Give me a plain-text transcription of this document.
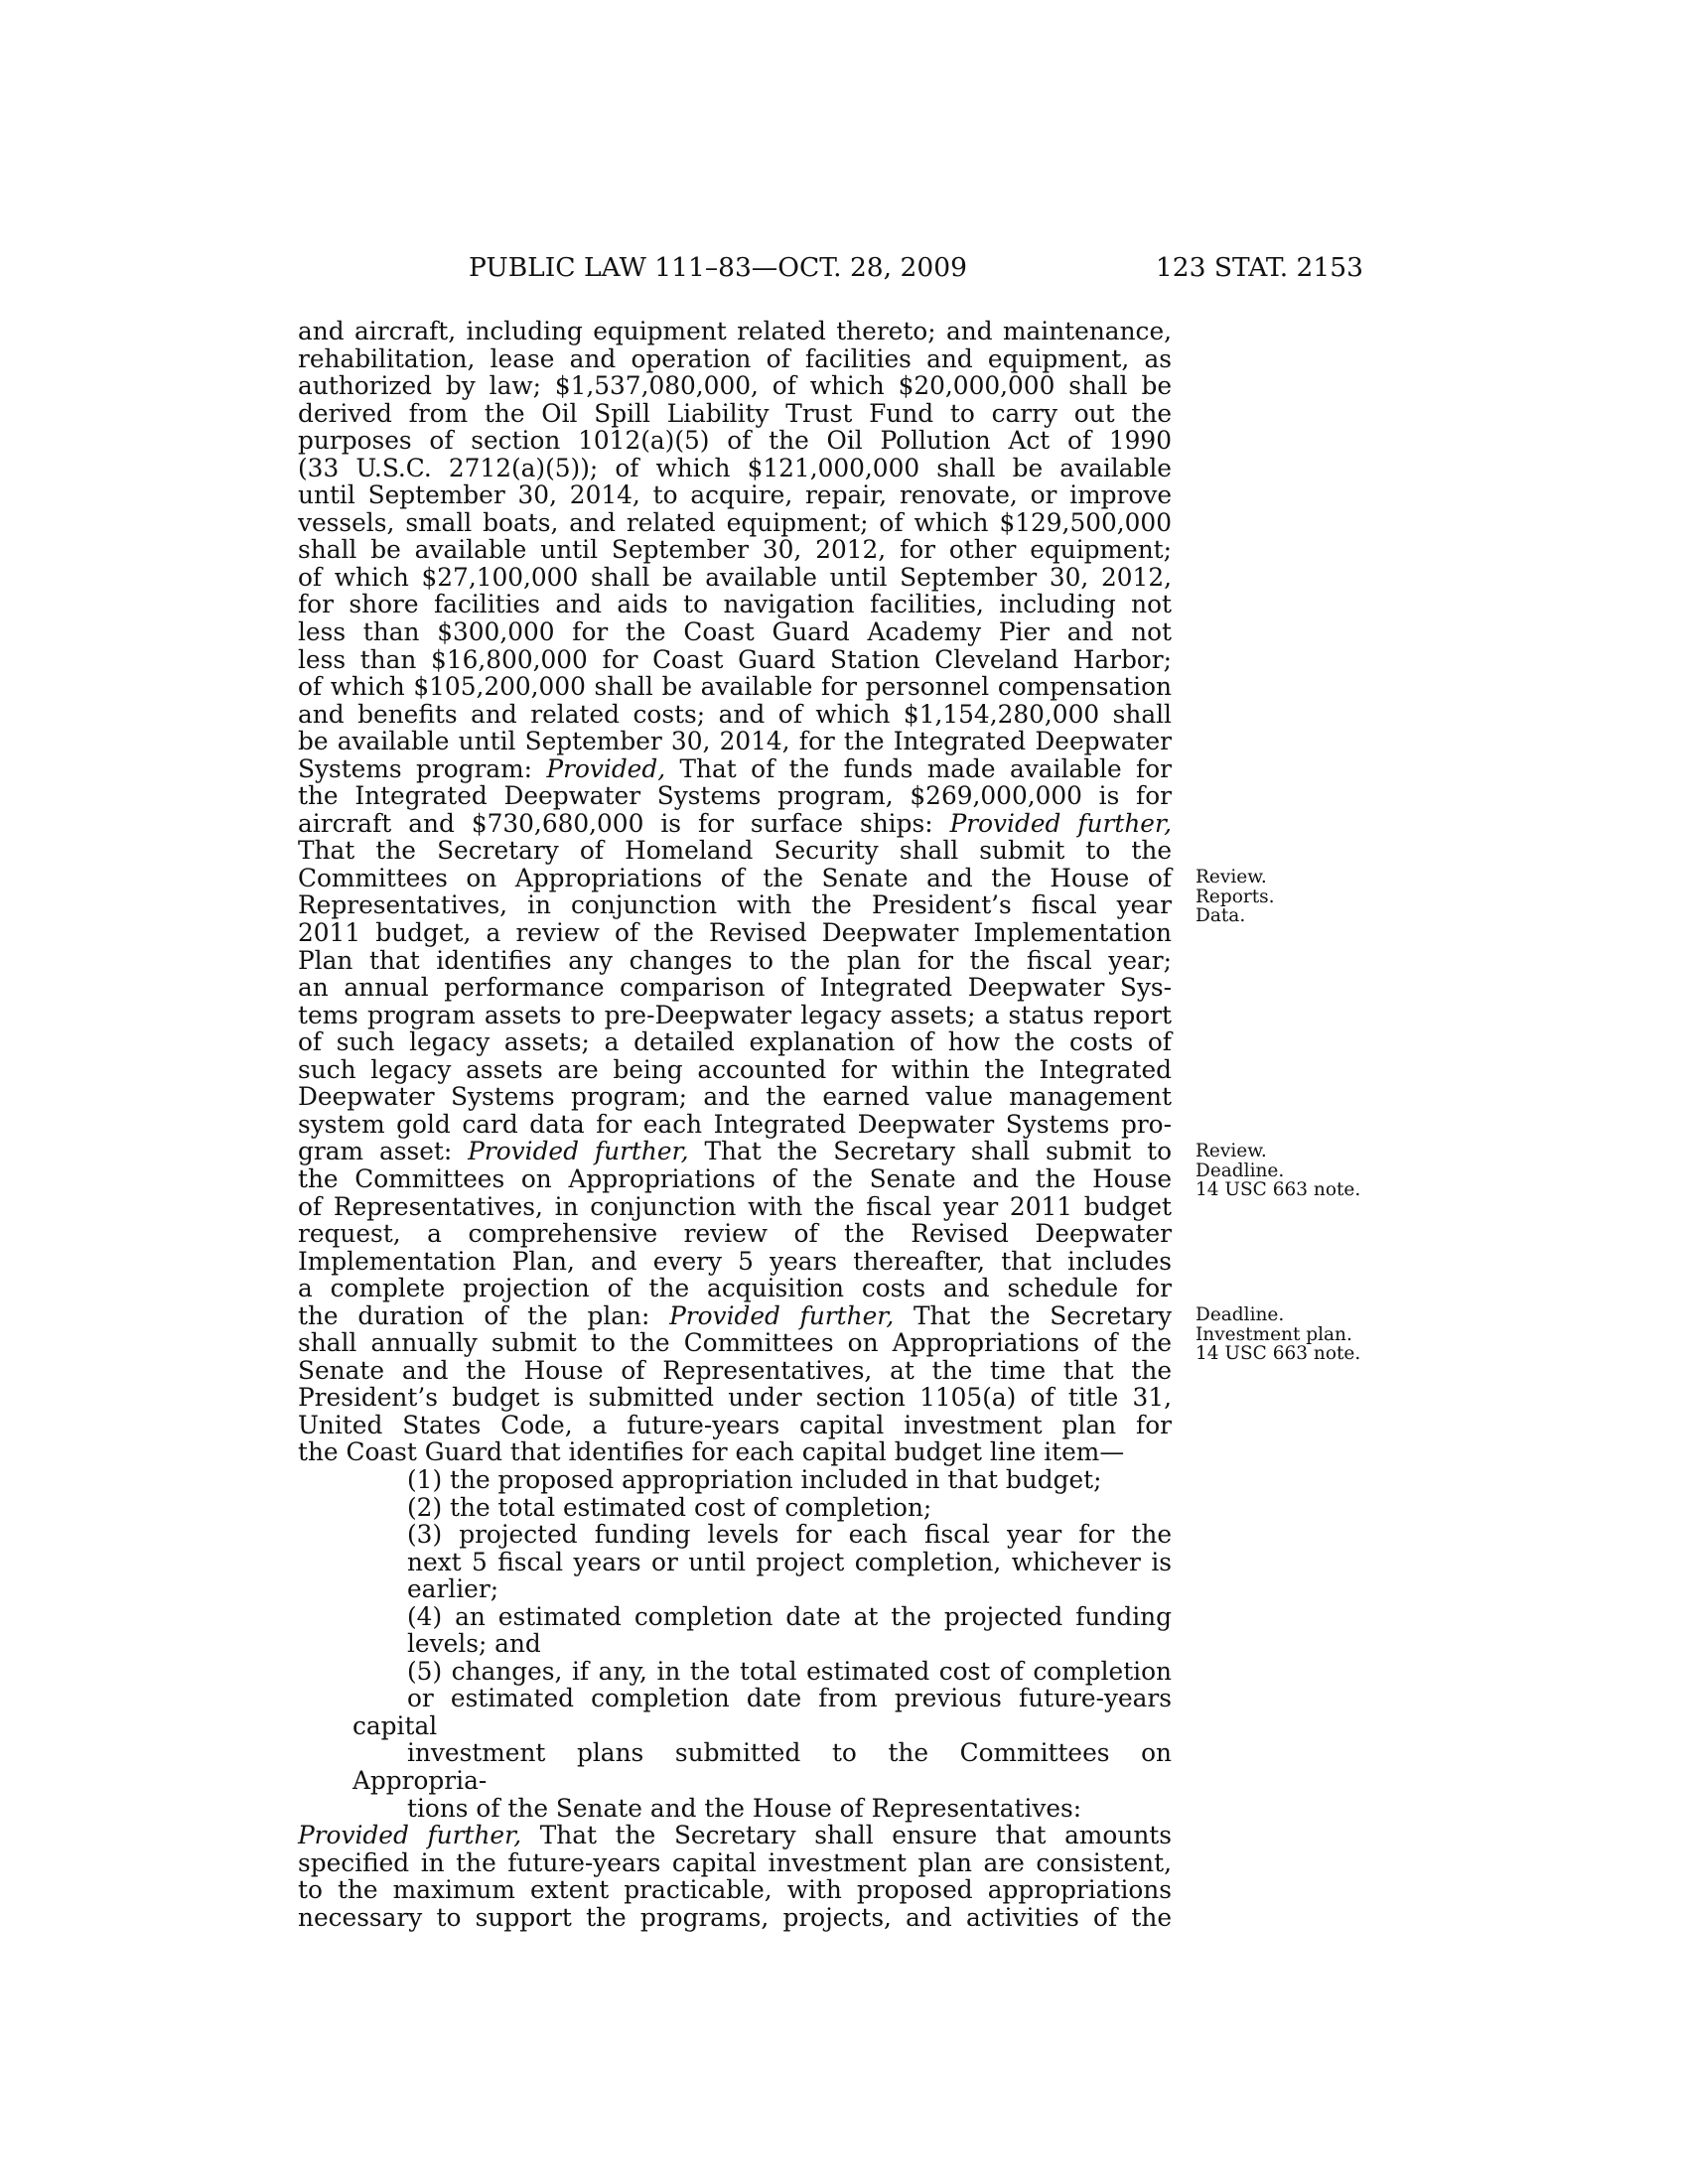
PUBLIC LAW 111–83—OCT. 28, 2009	123 STAT. 2153
and aircraft, including equipment related thereto; and maintenance,
rehabilitation, lease and operation of facilities and equipment, as
authorized by law; $1,537,080,000, of which $20,000,000 shall be
derived from the Oil Spill Liability Trust Fund to carry out the
purposes of section 1012(a)(5) of the Oil Pollution Act of 1990
(33 U.S.C. 2712(a)(5)); of which $121,000,000 shall be available
until September 30, 2014, to acquire, repair, renovate, or improve
vessels, small boats, and related equipment; of which $129,500,000
shall be available until September 30, 2012, for other equipment;
of which $27,100,000 shall be available until September 30, 2012,
for shore facilities and aids to navigation facilities, including not
less than $300,000 for the Coast Guard Academy Pier and not
less than $16,800,000 for Coast Guard Station Cleveland Harbor;
of which $105,200,000 shall be available for personnel compensation
and benefits and related costs; and of which $1,154,280,000 shall
be available until September 30, 2014, for the Integrated Deepwater
Systems program: Provided, That of the funds made available for
the Integrated Deepwater Systems program, $269,000,000 is for
aircraft and $730,680,000 is for surface ships: Provided further,
That the Secretary of Homeland Security shall submit to the
Committees on Appropriations of the Senate and the House of
Representatives, in conjunction with the President’s fiscal year
2011 budget, a review of the Revised Deepwater Implementation
Plan that identifies any changes to the plan for the fiscal year;
an annual performance comparison of Integrated Deepwater Sys-
tems program assets to pre-Deepwater legacy assets; a status report
of such legacy assets; a detailed explanation of how the costs of
such legacy assets are being accounted for within the Integrated
Deepwater Systems program; and the earned value management
system gold card data for each Integrated Deepwater Systems pro-
gram asset: Provided further, That the Secretary shall submit to
the Committees on Appropriations of the Senate and the House
of Representatives, in conjunction with the fiscal year 2011 budget
request, a comprehensive review of the Revised Deepwater
Implementation Plan, and every 5 years thereafter, that includes
a complete projection of the acquisition costs and schedule for
the duration of the plan: Provided further, That the Secretary
shall annually submit to the Committees on Appropriations of the
Senate and the House of Representatives, at the time that the
President’s budget is submitted under section 1105(a) of title 31,
United States Code, a future-years capital investment plan for
the Coast Guard that identifies for each capital budget line item—
(1) the proposed appropriation included in that budget;
(2) the total estimated cost of completion;
(3) projected funding levels for each fiscal year for the
next 5 fiscal years or until project completion, whichever is
earlier;
(4) an estimated completion date at the projected funding
levels; and
(5) changes, if any, in the total estimated cost of completion
or estimated completion date from previous future-years capital
investment plans submitted to the Committees on Appropria-
tions of the Senate and the House of Representatives:
Provided further, That the Secretary shall ensure that amounts
specified in the future-years capital investment plan are consistent,
to the maximum extent practicable, with proposed appropriations
necessary to support the programs, projects, and activities of the
Review.
Reports.
Data.
Review.
Deadline.
14 USC 663 note.
Deadline.
Investment plan.
14 USC 663 note.
